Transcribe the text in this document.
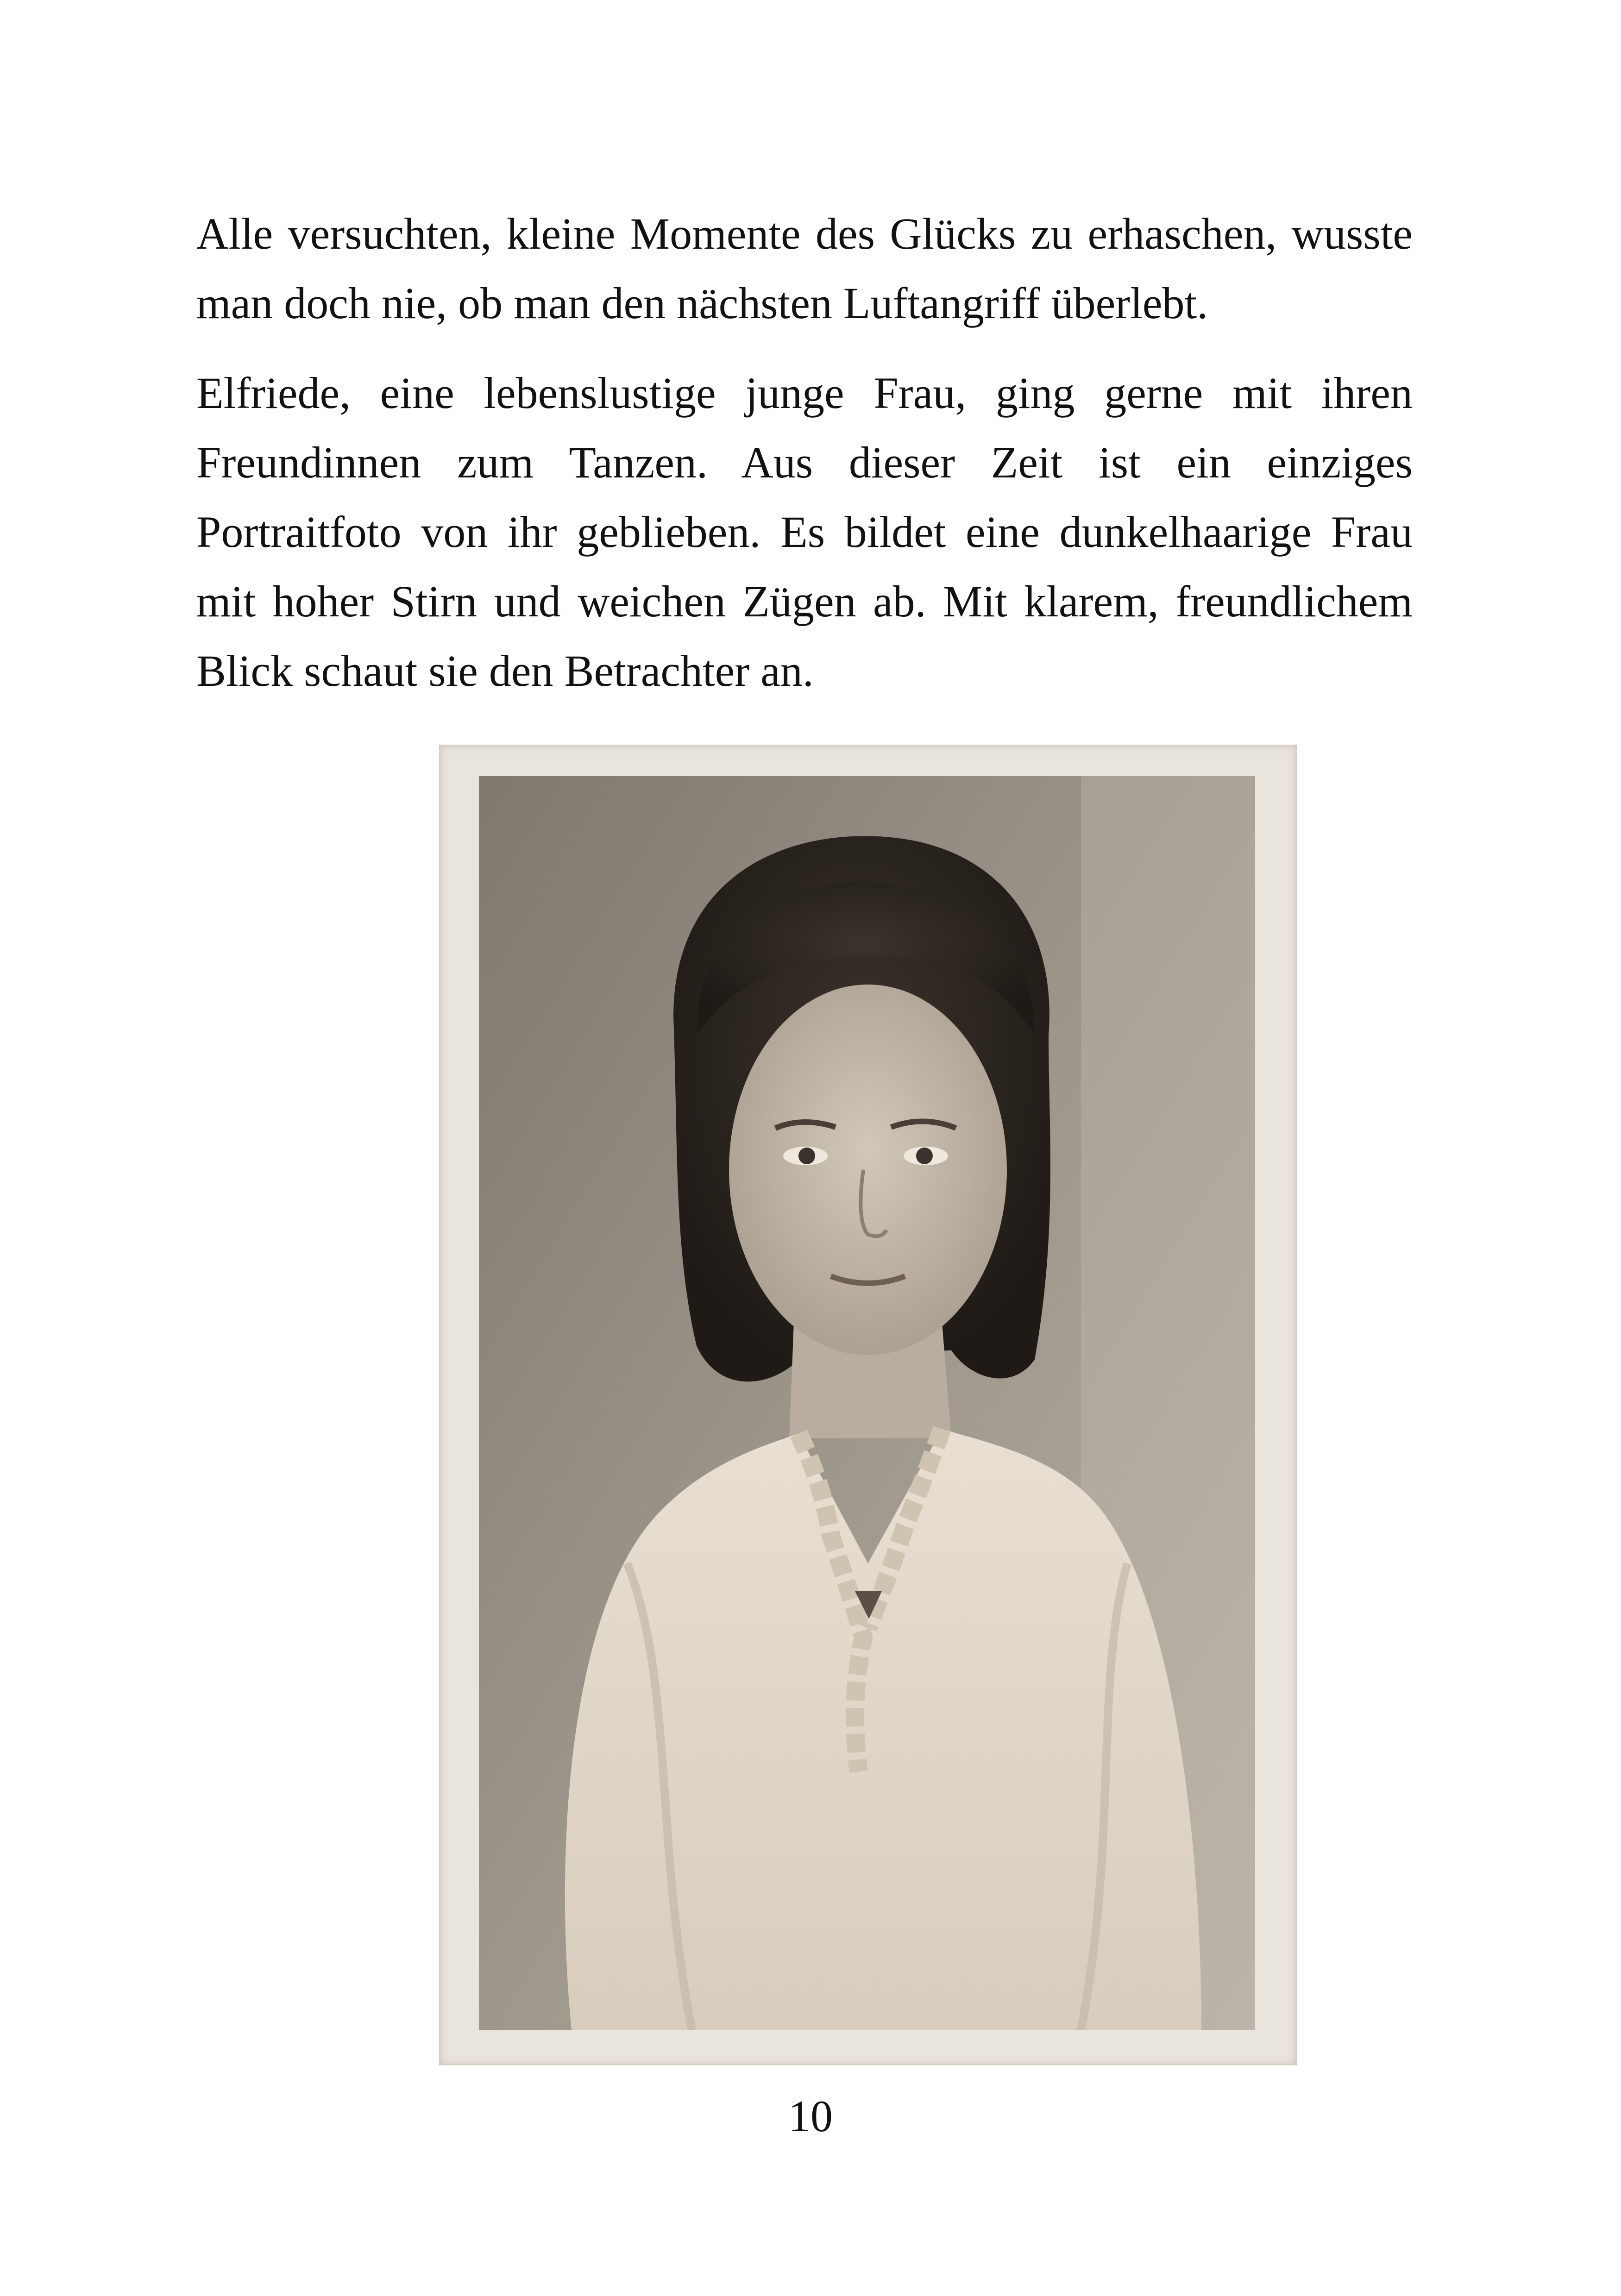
Alle versuchten, kleine Momente des Glücks zu erhaschen, wusste man doch nie, ob man den nächsten Luftangriff überlebt.

Elfriede, eine lebenslustige junge Frau, ging gerne mit ihren Freundinnen zum Tanzen. Aus dieser Zeit ist ein einziges Portraitfoto von ihr geblieben. Es bildet eine dunkelhaarige Frau mit hoher Stirn und weichen Zügen ab. Mit klarem, freundlichem Blick schaut sie den Betrachter an.

10
